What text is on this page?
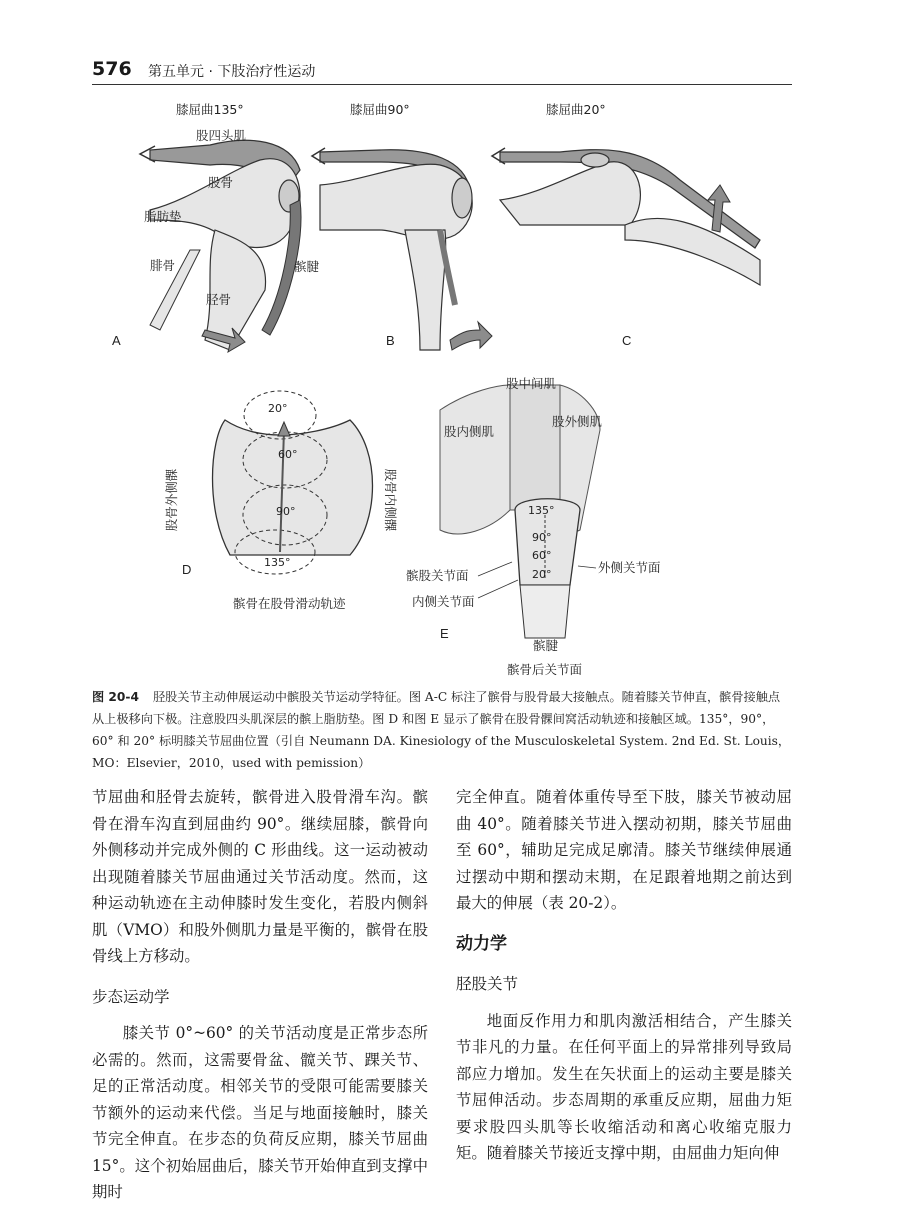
576 第五单元 · 下肢治疗性运动
膝屈曲135°
股四头肌
股骨
脂肪垫
腓骨	髌腱
胫骨
A
膝屈曲90°
B
膝屈曲20°
C
20°
60°
90°
135°
股骨外侧髁	股骨内侧髁
髌骨在股骨滑动轨迹
D
135°
90°
60°
20°
股中间肌
股内侧肌
股外侧肌
外侧关节面
髌股关节面
内侧关节面
E
髌腱
髌骨后关节面
图 20-4 胫股关节主动伸展运动中髌股关节运动学特征。图 A-C 标注了髌骨与股骨最大接触点。随着膝关节伸直，髌骨接触点从上极移向下极。注意股四头肌深层的髌上脂肪垫。图 D 和图 E 显示了髌骨在股骨髁间窝活动轨迹和接触区域。135°，90°，60° 和 20° 标明膝关节屈曲位置（引自 Neumann DA. Kinesiology of the Musculoskeletal System. 2nd Ed. St. Louis，MO：Elsevier，2010，used with pemission）

节屈曲和胫骨去旋转，髌骨进入股骨滑车沟。髌骨在滑车沟直到屈曲约 90°。继续屈膝，髌骨向外侧移动并完成外侧的 C 形曲线。这一运动被动出现随着膝关节屈曲通过关节活动度。然而，这种运动轨迹在主动伸膝时发生变化，若股内侧斜肌（VMO）和股外侧肌力量是平衡的，髌骨在股骨线上方移动。

步态运动学

膝关节 0°~60° 的关节活动度是正常步态所必需的。然而，这需要骨盆、髋关节、踝关节、足的正常活动度。相邻关节的受限可能需要膝关节额外的运动来代偿。当足与地面接触时，膝关节完全伸直。在步态的负荷反应期，膝关节屈曲 15°。这个初始屈曲后，膝关节开始伸直到支撑中期时

完全伸直。随着体重传导至下肢，膝关节被动屈曲 40°。随着膝关节进入摆动初期，膝关节屈曲至 60°，辅助足完成足廓清。膝关节继续伸展通过摆动中期和摆动末期，在足跟着地期之前达到最大的伸展（表 20-2）。

动力学
胫股关节

地面反作用力和肌肉激活相结合，产生膝关节非凡的力量。在任何平面上的异常排列导致局部应力增加。发生在矢状面上的运动主要是膝关节屈伸活动。步态周期的承重反应期，屈曲力矩要求股四头肌等长收缩活动和离心收缩克服力矩。随着膝关节接近支撑中期，由屈曲力矩向伸
